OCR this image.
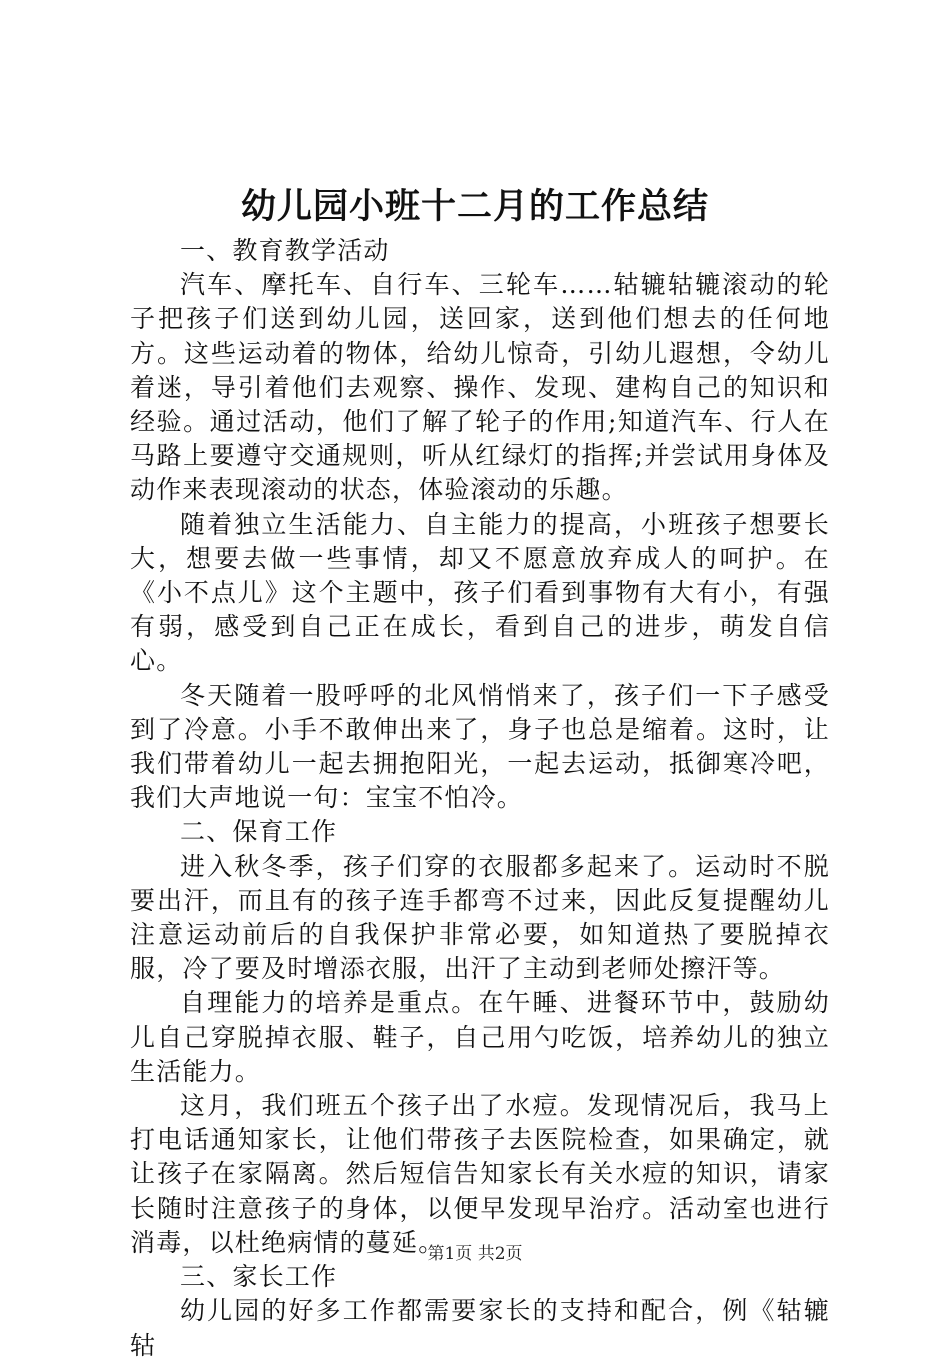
幼儿园小班十二月的工作总结

一、教育教学活动

汽车、摩托车、自行车、三轮车……轱辘轱辘滚动的轮子把孩子们送到幼儿园，送回家，送到他们想去的任何地方。这些运动着的物体，给幼儿惊奇，引幼儿遐想，令幼儿着迷，导引着他们去观察、操作、发现、建构自己的知识和经验。通过活动，他们了解了轮子的作用;知道汽车、行人在马路上要遵守交通规则，听从红绿灯的指挥;并尝试用身体及动作来表现滚动的状态，体验滚动的乐趣。

随着独立生活能力、自主能力的提高，小班孩子想要长大，想要去做一些事情，却又不愿意放弃成人的呵护。在《小不点儿》这个主题中，孩子们看到事物有大有小，有强有弱，感受到自己正在成长，看到自己的进步，萌发自信心。

冬天随着一股呼呼的北风悄悄来了，孩子们一下子感受到了冷意。小手不敢伸出来了，身子也总是缩着。这时，让我们带着幼儿一起去拥抱阳光，一起去运动，抵御寒冷吧，我们大声地说一句：宝宝不怕冷。

二、保育工作

进入秋冬季，孩子们穿的衣服都多起来了。运动时不脱要出汗，而且有的孩子连手都弯不过来，因此反复提醒幼儿注意运动前后的自我保护非常必要，如知道热了要脱掉衣服，冷了要及时增添衣服，出汗了主动到老师处擦汗等。

自理能力的培养是重点。在午睡、进餐环节中，鼓励幼儿自己穿脱掉衣服、鞋子，自己用勺吃饭，培养幼儿的独立生活能力。

这月，我们班五个孩子出了水痘。发现情况后，我马上打电话通知家长，让他们带孩子去医院检查，如果确定，就让孩子在家隔离。然后短信告知家长有关水痘的知识，请家长随时注意孩子的身体，以便早发现早治疗。活动室也进行消毒，以杜绝病情的蔓延。

三、家长工作

幼儿园的好多工作都需要家长的支持和配合，例《轱辘轱

第1页 共2页
